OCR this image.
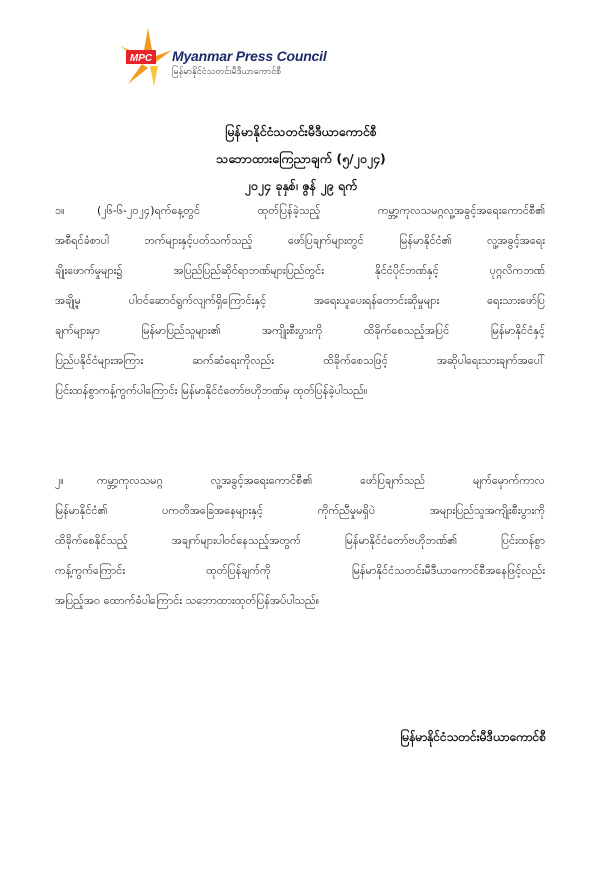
MPC Myanmar Press Council
မြန်မာနိုင်ငံသတင်းမီဒီယာကောင်စီ
မြန်မာနိုင်ငံသတင်းမီဒီယာကောင်စီ
သဘောထားကြေညာချက် (၅/၂၀၂၄)
၂၀၂၄ ခုနှစ်၊ ဇွန် ၂၉ ရက်
၁။	(၂၆-၆-၂၀၂၄)ရက်နေ့တွင် ထုတ်ပြန်ခဲ့သည့် ကမ္ဘာ့ကုလသမဂ္ဂလူ့အခွင့်အရေးကောင်စီ၏
အစီရင်ခံစာပါ ဘက်များနှင့်ပတ်သက်သည့် ဖော်ပြချက်များတွင် မြန်မာနိုင်ငံ၏ လူ့အခွင့်အရေး
ချိုးဖောက်မှုများ၌ အပြည်ပြည်ဆိုင်ရာဘဏ်များပြည်တွင်း နိုင်ငံပိုင်ဘဏ်နှင့် ပုဂ္ဂလိကဘဏ်
အချို့မှ ပါဝင်ဆောင်ရွက်လျက်ရှိကြောင်းနှင့် အရေးယူပေးရန်တောင်းဆိုမှုများ ရေးသားဖော်ပြ
ချက်များမှာ မြန်မာပြည်သူများ၏ အကျိုးစီးပွားကို ထိခိုက်စေသည့်အပြင် မြန်မာနိုင်ငံနှင့်
ပြည်ပနိုင်ငံများအကြား ဆက်ဆံရေးကိုလည်း ထိခိုက်စေသဖြင့် အဆိုပါရေးသားချက်အပေါ်
ပြင်းထန်စွာကန့်ကွက်ပါကြောင်း မြန်မာနိုင်ငံတော်ဗဟိုဘဏ်မှ ထုတ်ပြန်ခဲ့ပါသည်။
၂။	ကမ္ဘာ့ကုလသမဂ္ဂ လူ့အခွင့်အရေးကောင်စီ၏ ဖော်ပြချက်သည် မျက်မှောက်ကာလ
မြန်မာနိုင်ငံ၏ ပကတိအခြေအနေများနှင့် ကိုက်ညီမှုမရှိပဲ အများပြည်သူအကျိုးစီးပွားကို
ထိခိုက်စေနိုင်သည့် အချက်များပါဝင်နေသည့်အတွက် မြန်မာနိုင်ငံတော်ဗဟိုဘဏ်၏ ပြင်းထန်စွာ
ကန့်ကွက်ကြောင်း ထုတ်ပြန်ချက်ကို မြန်မာနိုင်ငံသတင်းမီဒီယာကောင်စီအနေဖြင့်လည်း
အပြည့်အဝ ထောက်ခံပါကြောင်း သဘောထားထုတ်ပြန်အပ်ပါသည်။
မြန်မာနိုင်ငံသတင်းမီဒီယာကောင်စီ
